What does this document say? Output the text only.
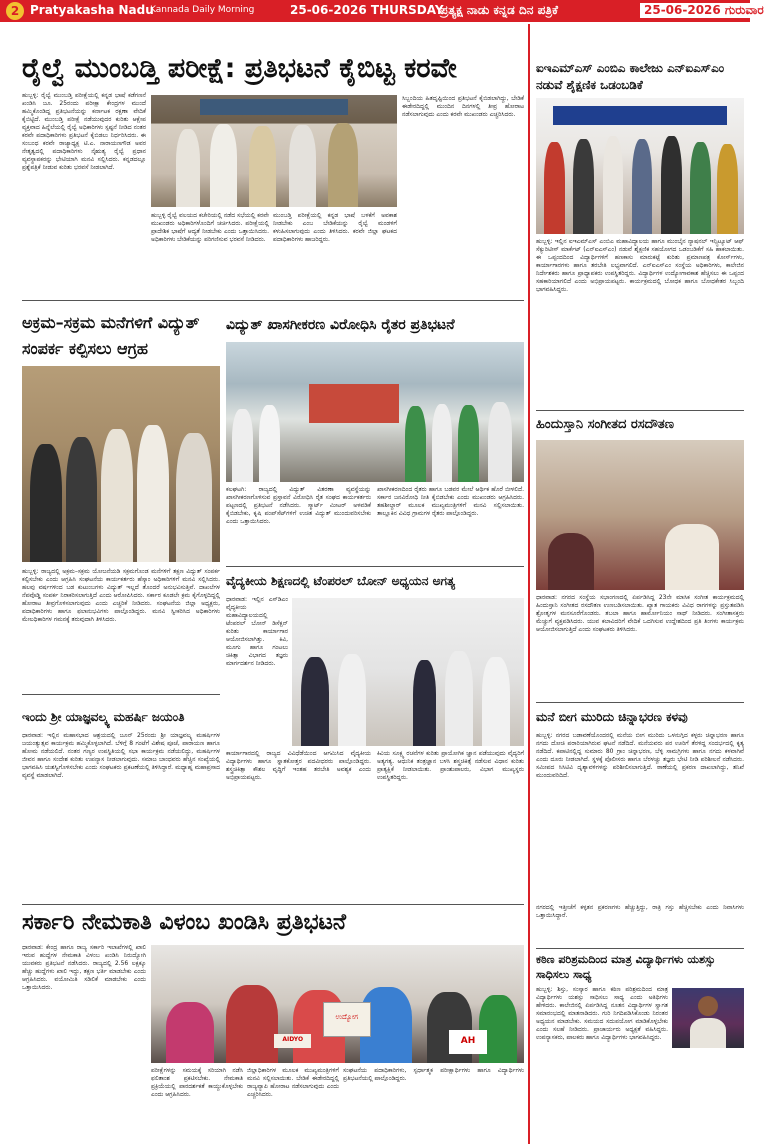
2 Pratyakasha Nadu
Kannada Daily Morning	25-06-2026 THURSDAY
ಪ್ರತ್ಯಕ್ಷ ನಾಡು ಕನ್ನಡ ದಿನ ಪತ್ರಿಕೆ	25-06-2026 ಗುರುವಾರ
ರೈಲ್ವೆ ಮುಂಬಡ್ತಿ ಪರೀಕ್ಷೆ: ಪ್ರತಿಭಟನೆ ಕೈಬಿಟ್ಟ ಕರವೇ
ಹುಬ್ಬಳ್ಳಿ: ರೈಲ್ವೆ ಮುಂಬಡ್ತಿ ಪರೀಕ್ಷೆಯಲ್ಲಿ ಕನ್ನಡ ಭಾಷೆ ಕಡೆಗಣನೆ ಖಂಡಿಸಿ ಜೂ. 25ರಂದು ಪರೀಕ್ಷಾ ಕೇಂದ್ರಗಳ ಮುಂದೆ ಹಮ್ಮಿಕೊಂಡಿದ್ದ ಪ್ರತಿಭಟನೆಯನ್ನು ಕರ್ನಾಟಕ ರಕ್ಷಣಾ ವೇದಿಕೆ ಕೈಬಿಟ್ಟಿದೆ. ಮುಂಬಡ್ತಿ ಪರೀಕ್ಷೆ ನಡೆಯುವುದರ ಕುರಿತು ಆಕ್ಷೇಪ ವ್ಯಕ್ತವಾದ ಹಿನ್ನೆಲೆಯಲ್ಲಿ ರೈಲ್ವೆ ಅಧಿಕಾರಿಗಳು ಸ್ಪಷ್ಟನೆ ನೀಡಿದ ನಂತರ ಕರವೇ ಪದಾಧಿಕಾರಿಗಳು ಪ್ರತಿಭಟನೆ ಕೈಬಿಡಲು ನಿರ್ಧರಿಸಿದರು. ಈ ಸಂಬಂಧ ಕರವೇ ರಾಜ್ಯಾಧ್ಯಕ್ಷ ಟಿ.ಎ. ನಾರಾಯಣಗೌಡ ಅವರ ನೇತೃತ್ವದಲ್ಲಿ ಪದಾಧಿಕಾರಿಗಳು ನೈಋತ್ಯ ರೈಲ್ವೆ ಪ್ರಧಾನ ವ್ಯವಸ್ಥಾಪಕರನ್ನು ಭೇಟಿಯಾಗಿ ಮನವಿ ಸಲ್ಲಿಸಿದರು. ಕನ್ನಡದಲ್ಲೂ ಪ್ರಶ್ನೆಪತ್ರಿಕೆ ನೀಡುವ ಕುರಿತು ಭರವಸೆ ನೀಡಲಾಗಿದೆ.
ಹುಬ್ಬಳ್ಳಿ ರೈಲ್ವೆ ವಲಯದ ಕಚೇರಿಯಲ್ಲಿ ನಡೆದ ಸಭೆಯಲ್ಲಿ ಕರವೇ ಮುಖಂಡರು ಅಧಿಕಾರಿಗಳೊಂದಿಗೆ ಚರ್ಚಿಸಿದರು. ಪರೀಕ್ಷೆಯಲ್ಲಿ ಪ್ರಾದೇಶಿಕ ಭಾಷೆಗೆ ಆದ್ಯತೆ ನೀಡಬೇಕು ಎಂದು ಒತ್ತಾಯಿಸಿದರು. ಅಧಿಕಾರಿಗಳು ಬೇಡಿಕೆಯನ್ನು ಪರಿಗಣಿಸುವ ಭರವಸೆ ನೀಡಿದರು.
ಮುಂಬಡ್ತಿ ಪರೀಕ್ಷೆಯಲ್ಲಿ ಕನ್ನಡ ಭಾಷೆ ಬಳಕೆಗೆ ಅವಕಾಶ ನೀಡಬೇಕು ಎಂಬ ಬೇಡಿಕೆಯನ್ನು ರೈಲ್ವೆ ಮಂಡಳಿಗೆ ಕಳುಹಿಸಲಾಗುವುದು ಎಂದು ತಿಳಿಸಿದರು. ಕರವೇ ಜಿಲ್ಲಾ ಘಟಕದ ಪದಾಧಿಕಾರಿಗಳು ಹಾಜರಿದ್ದರು.
ಸಿಬ್ಬಂದಿಯ ಹಿತದೃಷ್ಟಿಯಿಂದ ಪ್ರತಿಭಟನೆ ಕೈಬಿಡಲಾಗಿದ್ದು, ಬೇಡಿಕೆ ಈಡೇರದಿದ್ದಲ್ಲಿ ಮುಂದಿನ ದಿನಗಳಲ್ಲಿ ತೀವ್ರ ಹೋರಾಟ ನಡೆಸಲಾಗುವುದು ಎಂದು ಕರವೇ ಮುಖಂಡರು ಎಚ್ಚರಿಸಿದರು.
ಐಇಎಮ್ಎಸ್ ಎಂಬಿಎ ಕಾಲೇಜು ಎನ್ಐಎಸ್ಎಂ ನಡುವೆ ಶೈಕ್ಷಣಿಕ ಒಡಂಬಡಿಕೆ
ಹುಬ್ಬಳ್ಳಿ: ಇಲ್ಲಿನ ಐಇಎಮ್ಎಸ್ ಎಂಬಿಎ ಮಹಾವಿದ್ಯಾಲಯ ಹಾಗೂ ಮುಂಬೈನ ನ್ಯಾಷನಲ್ ಇನ್ಸ್ಟಿಟ್ಯೂಟ್ ಆಫ್ ಸೆಕ್ಯುರಿಟೀಸ್ ಮಾರ್ಕೆಟ್ (ಎನ್ಐಎಸ್ಎಂ) ನಡುವೆ ಶೈಕ್ಷಣಿಕ ಸಹಯೋಗದ ಒಡಂಬಡಿಕೆಗೆ ಸಹಿ ಹಾಕಲಾಯಿತು. ಈ ಒಪ್ಪಂದದಿಂದ ವಿದ್ಯಾರ್ಥಿಗಳಿಗೆ ಹಣಕಾಸು ಮಾರುಕಟ್ಟೆ ಕುರಿತು ಪ್ರಮಾಣಪತ್ರ ಕೋರ್ಸ್‌ಗಳು, ಕಾರ್ಯಾಗಾರಗಳು ಹಾಗೂ ತರಬೇತಿ ಲಭ್ಯವಾಗಲಿದೆ. ಎನ್ಐಎಸ್ಎಂ ಸಂಸ್ಥೆಯ ಅಧಿಕಾರಿಗಳು, ಕಾಲೇಜಿನ ನಿರ್ದೇಶಕರು ಹಾಗೂ ಪ್ರಾಧ್ಯಾಪಕರು ಉಪಸ್ಥಿತರಿದ್ದರು. ವಿದ್ಯಾರ್ಥಿಗಳ ಉದ್ಯೋಗಾವಕಾಶ ಹೆಚ್ಚಿಸಲು ಈ ಒಪ್ಪಂದ ಸಹಕಾರಿಯಾಗಲಿದೆ ಎಂದು ಅಭಿಪ್ರಾಯಪಟ್ಟರು. ಕಾರ್ಯಕ್ರಮದಲ್ಲಿ ಬೋಧಕ ಹಾಗೂ ಬೋಧಕೇತರ ಸಿಬ್ಬಂದಿ ಭಾಗವಹಿಸಿದ್ದರು.
ಅಕ್ರಮ–ಸಕ್ರಮ ಮನೆಗಳಿಗೆ ವಿದ್ಯುತ್ ಸಂಪರ್ಕ ಕಲ್ಪಿಸಲು ಆಗ್ರಹ
ಹುಬ್ಬಳ್ಳಿ: ರಾಜ್ಯದಲ್ಲಿ ಅಕ್ರಮ–ಸಕ್ರಮ ಯೋಜನೆಯಡಿ ಸಕ್ರಮಗೊಂಡ ಮನೆಗಳಿಗೆ ತಕ್ಷಣ ವಿದ್ಯುತ್ ಸಂಪರ್ಕ ಕಲ್ಪಿಸಬೇಕು ಎಂದು ಆಗ್ರಹಿಸಿ ಸಂಘಟನೆಯ ಕಾರ್ಯಕರ್ತರು ಹೆಸ್ಕಾಂ ಅಧಿಕಾರಿಗಳಿಗೆ ಮನವಿ ಸಲ್ಲಿಸಿದರು. ಹಲವು ವರ್ಷಗಳಿಂದ ಬಡ ಕುಟುಂಬಗಳು ವಿದ್ಯುತ್ ಇಲ್ಲದೆ ತೊಂದರೆ ಅನುಭವಿಸುತ್ತಿವೆ. ದಾಖಲೆಗಳ ನೆಪವೊಡ್ಡಿ ಸಂಪರ್ಕ ನಿರಾಕರಿಸಲಾಗುತ್ತಿದೆ ಎಂದು ಆರೋಪಿಸಿದರು. ಸರ್ಕಾರ ಕೂಡಲೇ ಕ್ರಮ ಕೈಗೊಳ್ಳದಿದ್ದಲ್ಲಿ ಹೋರಾಟ ತೀವ್ರಗೊಳಿಸಲಾಗುವುದು ಎಂದು ಎಚ್ಚರಿಕೆ ನೀಡಿದರು. ಸಂಘಟನೆಯ ಜಿಲ್ಲಾ ಅಧ್ಯಕ್ಷರು, ಪದಾಧಿಕಾರಿಗಳು ಹಾಗೂ ಫಲಾನುಭವಿಗಳು ಪಾಲ್ಗೊಂಡಿದ್ದರು. ಮನವಿ ಸ್ವೀಕರಿಸಿದ ಅಧಿಕಾರಿಗಳು ಮೇಲಧಿಕಾರಿಗಳ ಗಮನಕ್ಕೆ ತರುವುದಾಗಿ ತಿಳಿಸಿದರು.
ವಿದ್ಯುತ್ ಖಾಸಗೀಕರಣ ವಿರೋಧಿಸಿ ರೈತರ ಪ್ರತಿಭಟನೆ
ಕಲಘಟಗಿ: ರಾಜ್ಯದಲ್ಲಿ ವಿದ್ಯುತ್ ವಿತರಣಾ ವ್ಯವಸ್ಥೆಯನ್ನು ಖಾಸಗೀಕರಣಗೊಳಿಸುವ ಪ್ರಸ್ತಾವನೆ ವಿರೋಧಿಸಿ ರೈತ ಸಂಘದ ಕಾರ್ಯಕರ್ತರು ಪಟ್ಟಣದಲ್ಲಿ ಪ್ರತಿಭಟನೆ ನಡೆಸಿದರು. ಸ್ಮಾರ್ಟ್ ಮೀಟರ್ ಅಳವಡಿಕೆ ಕೈಬಿಡಬೇಕು, ಕೃಷಿ ಪಂಪ್‌ಸೆಟ್‌ಗಳಿಗೆ ಉಚಿತ ವಿದ್ಯುತ್ ಮುಂದುವರಿಸಬೇಕು ಎಂದು ಒತ್ತಾಯಿಸಿದರು.
ಖಾಸಗೀಕರಣದಿಂದ ರೈತರು ಹಾಗೂ ಬಡವರ ಮೇಲೆ ಆರ್ಥಿಕ ಹೊರೆ ಬೀಳಲಿದೆ. ಸರ್ಕಾರ ಜನವಿರೋಧಿ ನೀತಿ ಕೈಬಿಡಬೇಕು ಎಂದು ಮುಖಂಡರು ಆಗ್ರಹಿಸಿದರು. ತಹಶೀಲ್ದಾರ್ ಮೂಲಕ ಮುಖ್ಯಮಂತ್ರಿಗಳಿಗೆ ಮನವಿ ಸಲ್ಲಿಸಲಾಯಿತು. ತಾಲ್ಲೂಕಿನ ವಿವಿಧ ಗ್ರಾಮಗಳ ರೈತರು ಪಾಲ್ಗೊಂಡಿದ್ದರು.
ಹಿಂದುಸ್ತಾನಿ ಸಂಗೀತದ ರಸದೌತಣ
ಧಾರವಾಡ: ನಗರದ ಸಂಸ್ಥೆಯ ಸಭಾಂಗಣದಲ್ಲಿ ಏರ್ಪಡಿಸಿದ್ದ 23ನೇ ಮಾಸಿಕ ಸಂಗೀತ ಕಾರ್ಯಕ್ರಮದಲ್ಲಿ ಹಿಂದುಸ್ತಾನಿ ಸಂಗೀತದ ರಸದೌತಣ ಉಣಬಡಿಸಲಾಯಿತು. ಖ್ಯಾತ ಗಾಯಕರು ವಿವಿಧ ರಾಗಗಳನ್ನು ಪ್ರಸ್ತುತಪಡಿಸಿ ಶ್ರೋತೃಗಳ ಮನಸೂರೆಗೊಂಡರು. ತಬಲಾ ಹಾಗೂ ಹಾರ್ಮೋನಿಯಂ ಸಾಥ್ ನೀಡಿದರು. ಸಂಗೀತಾಸಕ್ತರು ಮೆಚ್ಚುಗೆ ವ್ಯಕ್ತಪಡಿಸಿದರು. ಯುವ ಕಲಾವಿದರಿಗೆ ವೇದಿಕೆ ಒದಗಿಸುವ ಉದ್ದೇಶದಿಂದ ಪ್ರತಿ ತಿಂಗಳು ಕಾರ್ಯಕ್ರಮ ಆಯೋಜಿಸಲಾಗುತ್ತಿದೆ ಎಂದು ಸಂಘಟಕರು ತಿಳಿಸಿದರು.
ವೈದ್ಯಕೀಯ ಶಿಕ್ಷಣದಲ್ಲಿ ಟೆಂಪರಲ್ ಬೋನ್ ಅಧ್ಯಯನ ಅಗತ್ಯ
ಧಾರವಾಡ: ಇಲ್ಲಿನ ಎಸ್‌ಡಿಎಂ ವೈದ್ಯಕೀಯ ಮಹಾವಿದ್ಯಾಲಯದಲ್ಲಿ ಟೆಂಪರಲ್ ಬೋನ್ ಡಿಸೆಕ್ಷನ್ ಕುರಿತು ಕಾರ್ಯಾಗಾರ ಆಯೋಜಿಸಲಾಗಿತ್ತು. ಕಿವಿ, ಮೂಗು ಹಾಗೂ ಗಂಟಲು ಚಿಕಿತ್ಸಾ ವಿಭಾಗದ ತಜ್ಞರು ಮಾರ್ಗದರ್ಶನ ನೀಡಿದರು.
ಕಾರ್ಯಾಗಾರದಲ್ಲಿ ರಾಜ್ಯದ ವಿವಿಧೆಡೆಯಿಂದ ಆಗಮಿಸಿದ ವೈದ್ಯಕೀಯ ವಿದ್ಯಾರ್ಥಿಗಳು ಹಾಗೂ ಸ್ನಾತಕೋತ್ತರ ಪದವೀಧರರು ಪಾಲ್ಗೊಂಡಿದ್ದರು. ಶಸ್ತ್ರಚಿಕಿತ್ಸಾ ಕೌಶಲ ವೃದ್ಧಿಗೆ ಇಂತಹ ತರಬೇತಿ ಅವಶ್ಯಕ ಎಂದು ಅಭಿಪ್ರಾಯಪಟ್ಟರು.
ಕಿವಿಯ ಸೂಕ್ಷ್ಮ ರಚನೆಗಳ ಕುರಿತು ಪ್ರಾಯೋಗಿಕ ಜ್ಞಾನ ಪಡೆಯುವುದು ವೈದ್ಯರಿಗೆ ಅತ್ಯಗತ್ಯ. ಆಧುನಿಕ ತಂತ್ರಜ್ಞಾನ ಬಳಸಿ ಶಸ್ತ್ರಚಿಕಿತ್ಸೆ ನಡೆಸುವ ವಿಧಾನ ಕುರಿತು ಪ್ರಾತ್ಯಕ್ಷಿಕೆ ನೀಡಲಾಯಿತು. ಪ್ರಾಂಶುಪಾಲರು, ವಿಭಾಗ ಮುಖ್ಯಸ್ಥರು ಉಪಸ್ಥಿತರಿದ್ದರು.
ಇಂದು ಶ್ರೀ ಯಾಜ್ಞವಲ್ಕ್ಯ ಮಹರ್ಷಿ ಜಯಂತಿ
ಧಾರವಾಡ: ಇಲ್ಲಿನ ಮಹಾಸಭಾದ ಆಶ್ರಯದಲ್ಲಿ ಜೂನ್ 25ರಂದು ಶ್ರೀ ಯಾಜ್ಞವಲ್ಕ್ಯ ಮಹರ್ಷಿಗಳ ಜಯಂತ್ಯುತ್ಸವ ಕಾರ್ಯಕ್ರಮ ಹಮ್ಮಿಕೊಳ್ಳಲಾಗಿದೆ. ಬೆಳಿಗ್ಗೆ 8 ಗಂಟೆಗೆ ವಿಶೇಷ ಪೂಜೆ, ಪಾರಾಯಣ ಹಾಗೂ ಹೋಮ ನಡೆಯಲಿದೆ. ನಂತರ ಗಣ್ಯರ ಉಪಸ್ಥಿತಿಯಲ್ಲಿ ಸಭಾ ಕಾರ್ಯಕ್ರಮ ನಡೆಯಲಿದ್ದು, ಮಹರ್ಷಿಗಳ ಜೀವನ ಹಾಗೂ ಸಂದೇಶ ಕುರಿತು ಉಪನ್ಯಾಸ ನೀಡಲಾಗುವುದು. ಸಮಾಜ ಬಾಂಧವರು ಹೆಚ್ಚಿನ ಸಂಖ್ಯೆಯಲ್ಲಿ ಭಾಗವಹಿಸಿ ಯಶಸ್ವಿಗೊಳಿಸಬೇಕು ಎಂದು ಸಂಘಟಕರು ಪ್ರಕಟಣೆಯಲ್ಲಿ ತಿಳಿಸಿದ್ದಾರೆ. ಮಧ್ಯಾಹ್ನ ಮಹಾಪ್ರಸಾದ ವ್ಯವಸ್ಥೆ ಮಾಡಲಾಗಿದೆ.
ಮನೆ ಬೀಗ ಮುರಿದು ಚಿನ್ನಾಭರಣ ಕಳವು
ಹುಬ್ಬಳ್ಳಿ: ನಗರದ ಬಡಾವಣೆಯೊಂದರಲ್ಲಿ ಮನೆಯ ಬೀಗ ಮುರಿದು ಒಳನುಗ್ಗಿದ ಕಳ್ಳರು ಚಿನ್ನಾಭರಣ ಹಾಗೂ ನಗದು ದೋಚಿ ಪರಾರಿಯಾಗಿರುವ ಘಟನೆ ನಡೆದಿದೆ. ಮನೆಯವರು ಪರ ಊರಿಗೆ ತೆರಳಿದ್ದ ಸಂದರ್ಭದಲ್ಲಿ ಕೃತ್ಯ ನಡೆದಿದೆ. ಕಪಾಟಿನಲ್ಲಿದ್ದ ಸುಮಾರು 80 ಗ್ರಾಂ ಚಿನ್ನಾಭರಣ, ಬೆಳ್ಳಿ ಸಾಮಗ್ರಿಗಳು ಹಾಗೂ ನಗದು ಕಳವಾಗಿವೆ ಎಂದು ದೂರು ನೀಡಲಾಗಿದೆ. ಸ್ಥಳಕ್ಕೆ ಪೊಲೀಸರು ಹಾಗೂ ಬೆರಳಚ್ಚು ತಜ್ಞರು ಭೇಟಿ ನೀಡಿ ಪರಿಶೀಲನೆ ನಡೆಸಿದರು. ಸಮೀಪದ ಸಿಸಿಟಿವಿ ದೃಶ್ಯಾವಳಿಗಳನ್ನು ಪರಿಶೀಲಿಸಲಾಗುತ್ತಿದೆ. ಠಾಣೆಯಲ್ಲಿ ಪ್ರಕರಣ ದಾಖಲಾಗಿದ್ದು, ತನಿಖೆ ಮುಂದುವರಿದಿದೆ.
ನಗರದಲ್ಲಿ ಇತ್ತೀಚೆಗೆ ಕಳ್ಳತನ ಪ್ರಕರಣಗಳು ಹೆಚ್ಚುತ್ತಿದ್ದು, ರಾತ್ರಿ ಗಸ್ತು ಹೆಚ್ಚಿಸಬೇಕು ಎಂದು ನಿವಾಸಿಗಳು ಒತ್ತಾಯಿಸಿದ್ದಾರೆ.
ಕಠಿಣ ಪರಿಶ್ರಮದಿಂದ ಮಾತ್ರ ವಿದ್ಯಾರ್ಥಿಗಳು ಯಶಸ್ಸು ಸಾಧಿಸಲು ಸಾಧ್ಯ
ಹುಬ್ಬಳ್ಳಿ: ಶಿಸ್ತು, ಸಂಸ್ಕಾರ ಹಾಗೂ ಕಠಿಣ ಪರಿಶ್ರಮದಿಂದ ಮಾತ್ರ ವಿದ್ಯಾರ್ಥಿಗಳು ಯಶಸ್ಸು ಸಾಧಿಸಲು ಸಾಧ್ಯ ಎಂದು ಅತಿಥಿಗಳು ಹೇಳಿದರು. ಕಾಲೇಜಿನಲ್ಲಿ ಏರ್ಪಡಿಸಿದ್ದ ನೂತನ ವಿದ್ಯಾರ್ಥಿಗಳ ಸ್ವಾಗತ ಸಮಾರಂಭದಲ್ಲಿ ಮಾತನಾಡಿದರು. ಗುರಿ ನಿಗದಿಪಡಿಸಿಕೊಂಡು ನಿರಂತರ ಅಧ್ಯಯನ ಮಾಡಬೇಕು. ಸಮಯದ ಸದುಪಯೋಗ ಮಾಡಿಕೊಳ್ಳಬೇಕು ಎಂದು ಸಲಹೆ ನೀಡಿದರು. ಪ್ರಾಚಾರ್ಯರು ಅಧ್ಯಕ್ಷತೆ ವಹಿಸಿದ್ದರು. ಉಪನ್ಯಾಸಕರು, ಪಾಲಕರು ಹಾಗೂ ವಿದ್ಯಾರ್ಥಿಗಳು ಭಾಗವಹಿಸಿದ್ದರು.
ಸರ್ಕಾರಿ ನೇಮಕಾತಿ ವಿಳಂಬ ಖಂಡಿಸಿ ಪ್ರತಿಭಟನೆ
ಧಾರವಾಡ: ಕೇಂದ್ರ ಹಾಗೂ ರಾಜ್ಯ ಸರ್ಕಾರಿ ಇಲಾಖೆಗಳಲ್ಲಿ ಖಾಲಿ ಇರುವ ಹುದ್ದೆಗಳ ನೇಮಕಾತಿ ವಿಳಂಬ ಖಂಡಿಸಿ ನಿರುದ್ಯೋಗಿ ಯುವಕರು ಪ್ರತಿಭಟನೆ ನಡೆಸಿದರು. ರಾಜ್ಯದಲ್ಲಿ 2.56 ಲಕ್ಷಕ್ಕೂ ಹೆಚ್ಚು ಹುದ್ದೆಗಳು ಖಾಲಿ ಇದ್ದು, ತಕ್ಷಣ ಭರ್ತಿ ಮಾಡಬೇಕು ಎಂದು ಆಗ್ರಹಿಸಿದರು. ವಯೋಮಿತಿ ಸಡಿಲಿಕೆ ಮಾಡಬೇಕು ಎಂದು ಒತ್ತಾಯಿಸಿದರು.
ಉದ್ಯೋಗ
AIDYO	AH
ಪರೀಕ್ಷೆಗಳನ್ನು ಸಮಯಕ್ಕೆ ಸರಿಯಾಗಿ ನಡೆಸಿ ಫಲಿತಾಂಶ ಪ್ರಕಟಿಸಬೇಕು. ನೇಮಕಾತಿ ಪ್ರಕ್ರಿಯೆಯಲ್ಲಿ ಪಾರದರ್ಶಕತೆ ಕಾಯ್ದುಕೊಳ್ಳಬೇಕು ಎಂದು ಆಗ್ರಹಿಸಿದರು.
ಜಿಲ್ಲಾಧಿಕಾರಿಗಳ ಮೂಲಕ ಮುಖ್ಯಮಂತ್ರಿಗಳಿಗೆ ಮನವಿ ಸಲ್ಲಿಸಲಾಯಿತು. ಬೇಡಿಕೆ ಈಡೇರದಿದ್ದಲ್ಲಿ ರಾಜ್ಯವ್ಯಾಪಿ ಹೋರಾಟ ನಡೆಸಲಾಗುವುದು ಎಂದು ಎಚ್ಚರಿಸಿದರು.
ಸಂಘಟನೆಯ ಪದಾಧಿಕಾರಿಗಳು, ಸ್ಪರ್ಧಾತ್ಮಕ ಪರೀಕ್ಷಾರ್ಥಿಗಳು ಹಾಗೂ ವಿದ್ಯಾರ್ಥಿಗಳು ಪ್ರತಿಭಟನೆಯಲ್ಲಿ ಪಾಲ್ಗೊಂಡಿದ್ದರು.
